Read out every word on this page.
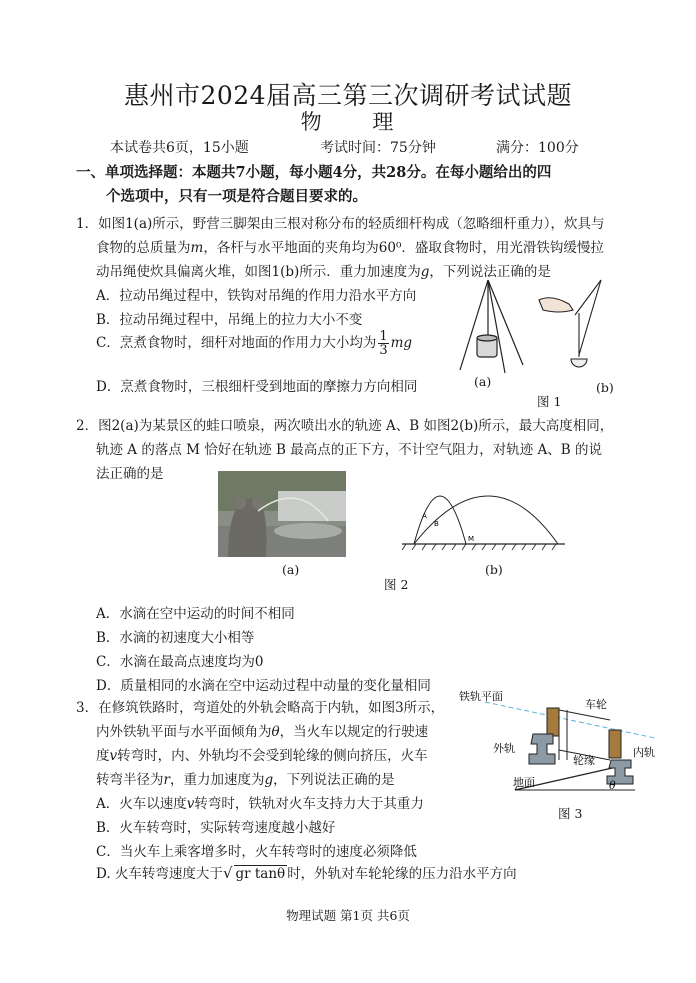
惠州市2024届高三第三次调研考试试题
物 理
本试卷共6页，15小题	考试时间：75分钟	满分：100分
一、单项选择题：本题共7小题，每小题4分，共28分。在每小题给出的四
个选项中，只有一项是符合题目要求的。
1．如图1(a)所示，野营三脚架由三根对称分布的轻质细杆构成（忽略细杆重力），炊具与
食物的总质量为m，各杆与水平地面的夹角均为60⁰．盛取食物时，用光滑铁钩缓慢拉
动吊绳使炊具偏离火堆，如图1(b)所示．重力加速度为g，下列说法正确的是
A．拉动吊绳过程中，铁钩对吊绳的作用力沿水平方向
B．拉动吊绳过程中，吊绳上的拉力大小不变
C．烹煮食物时，细杆对地面的作用力大小均为 $\frac{1}{3}$ mg
D．烹煮食物时，三根细杆受到地面的摩擦力方向相同	(a)	(b)
图 1
2．图2(a)为某景区的蛙口喷泉，两次喷出水的轨迹 A、B 如图2(b)所示，最大高度相同，
轨迹 A 的落点 M 恰好在轨迹 B 最高点的正下方，不计空气阻力，对轨迹 A、B 的说
法正确的是
A
B
M
(a)	(b)
图 2
A．水滴在空中运动的时间不相同
B．水滴的初速度大小相等
C．水滴在最高点速度均为0
D．质量相同的水滴在空中运动过程中动量的变化量相同
3．在修筑铁路时，弯道处的外轨会略高于内轨，如图3所示，
内外铁轨平面与水平面倾角为θ，当火车以规定的行驶速
度v转弯时，内、外轨均不会受到轮缘的侧向挤压，火车
转弯半径为r，重力加速度为g，下列说法正确的是
A．火车以速度v转弯时，铁轨对火车支持力大于其重力
B．火车转弯时，实际转弯速度越小越好
C．当火车上乘客增多时，火车转弯时的速度必须降低
D. 火车转弯速度大于√ gr tanθ 时，外轨对车轮轮缘的压力沿水平方向
铁轨平面
车轮
外轨
轮缘
内轨
地面	θ
图 3
物理试题 第1页 共6页
